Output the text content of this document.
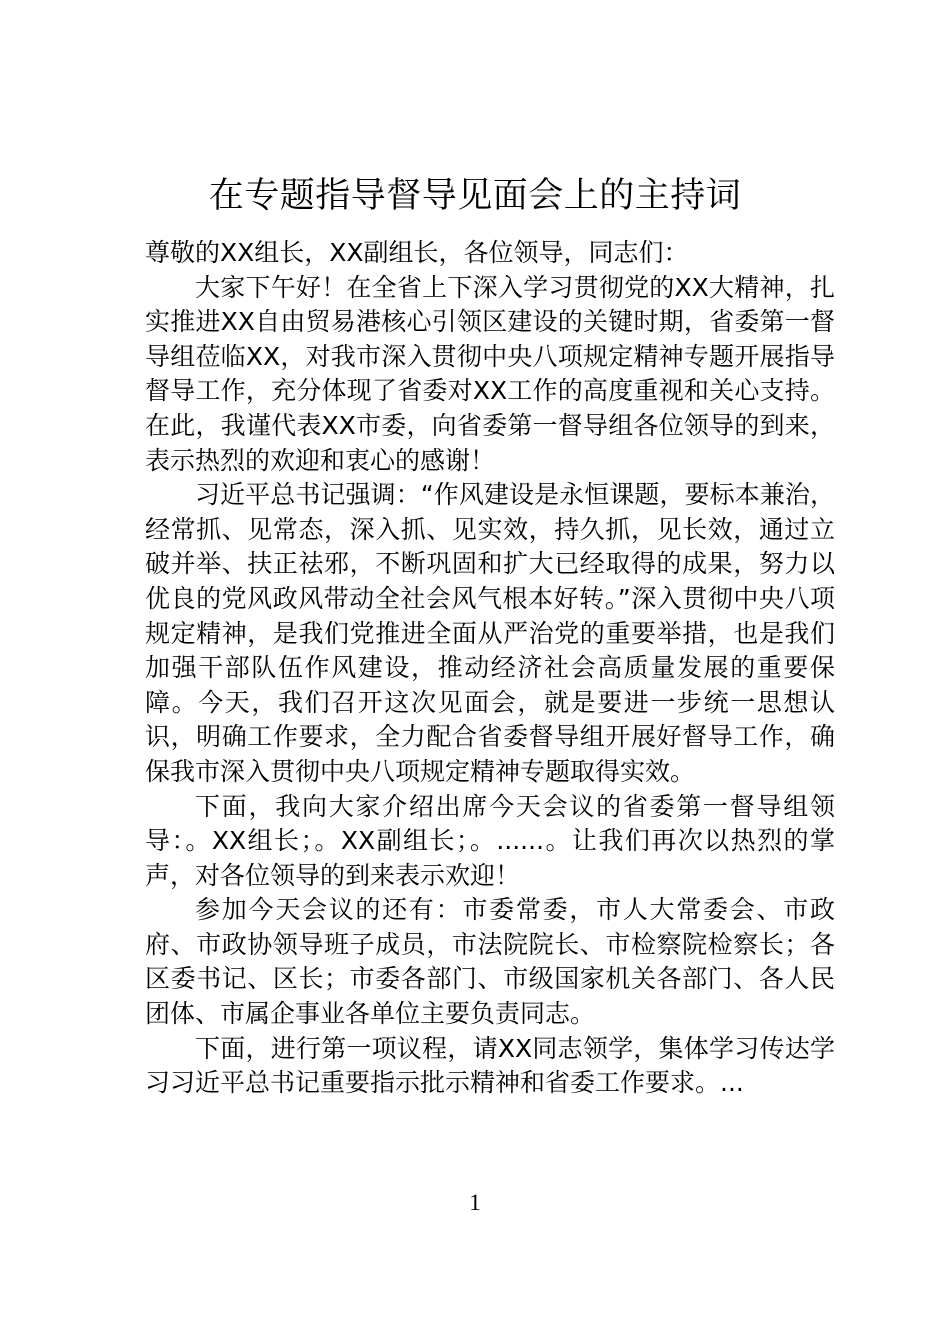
在专题指导督导见面会上的主持词

尊敬的XX组长，XX副组长，各位领导，同志们：

大家下午好！在全省上下深入学习贯彻党的XX大精神，扎实推进XX自由贸易港核心引领区建设的关键时期，省委第一督导组莅临XX，对我市深入贯彻中央八项规定精神专题开展指导督导工作，充分体现了省委对XX工作的高度重视和关心支持。在此，我谨代表XX市委，向省委第一督导组各位领导的到来，表示热烈的欢迎和衷心的感谢！

习近平总书记强调：“作风建设是永恒课题，要标本兼治，经常抓、见常态，深入抓、见实效，持久抓，见长效，通过立破并举、扶正祛邪，不断巩固和扩大已经取得的成果，努力以优良的党风政风带动全社会风气根本好转。”深入贯彻中央八项规定精神，是我们党推进全面从严治党的重要举措，也是我们加强干部队伍作风建设，推动经济社会高质量发展的重要保障。今天，我们召开这次见面会，就是要进一步统一思想认识，明确工作要求，全力配合省委督导组开展好督导工作，确保我市深入贯彻中央八项规定精神专题取得实效。

下面，我向大家介绍出席今天会议的省委第一督导组领导：。XX组长；。XX副组长；。......。让我们再次以热烈的掌声，对各位领导的到来表示欢迎！

参加今天会议的还有：市委常委，市人大常委会、市政府、市政协领导班子成员，市法院院长、市检察院检察长；各区委书记、区长；市委各部门、市级国家机关各部门、各人民团体、市属企事业各单位主要负责同志。

下面，进行第一项议程，请XX同志领学，集体学习传达学习习近平总书记重要指示批示精神和省委工作要求。...

1
